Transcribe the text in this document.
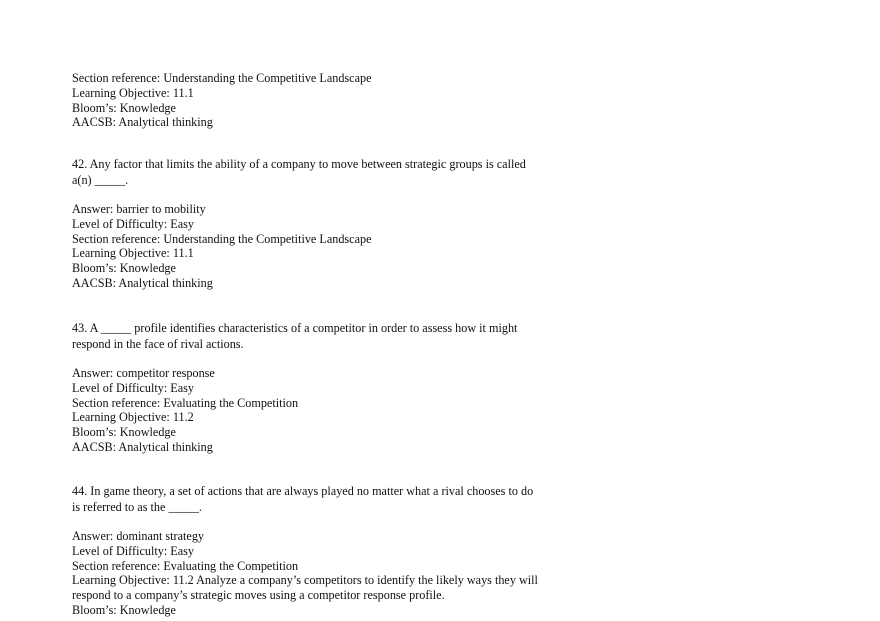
Section reference: Understanding the Competitive Landscape
Learning Objective: 11.1
Bloom’s: Knowledge
AACSB: Analytical thinking
42. Any factor that limits the ability of a company to move between strategic groups is called a(n) _____.
Answer: barrier to mobility
Level of Difficulty: Easy
Section reference: Understanding the Competitive Landscape
Learning Objective: 11.1
Bloom’s: Knowledge
AACSB: Analytical thinking
43. A _____ profile identifies characteristics of a competitor in order to assess how it might respond in the face of rival actions.
Answer: competitor response
Level of Difficulty: Easy
Section reference: Evaluating the Competition
Learning Objective: 11.2
Bloom’s: Knowledge
AACSB: Analytical thinking
44. In game theory, a set of actions that are always played no matter what a rival chooses to do is referred to as the _____.
Answer: dominant strategy
Level of Difficulty: Easy
Section reference: Evaluating the Competition
Learning Objective: 11.2 Analyze a company’s competitors to identify the likely ways they will respond to a company’s strategic moves using a competitor response profile.
Bloom’s: Knowledge
